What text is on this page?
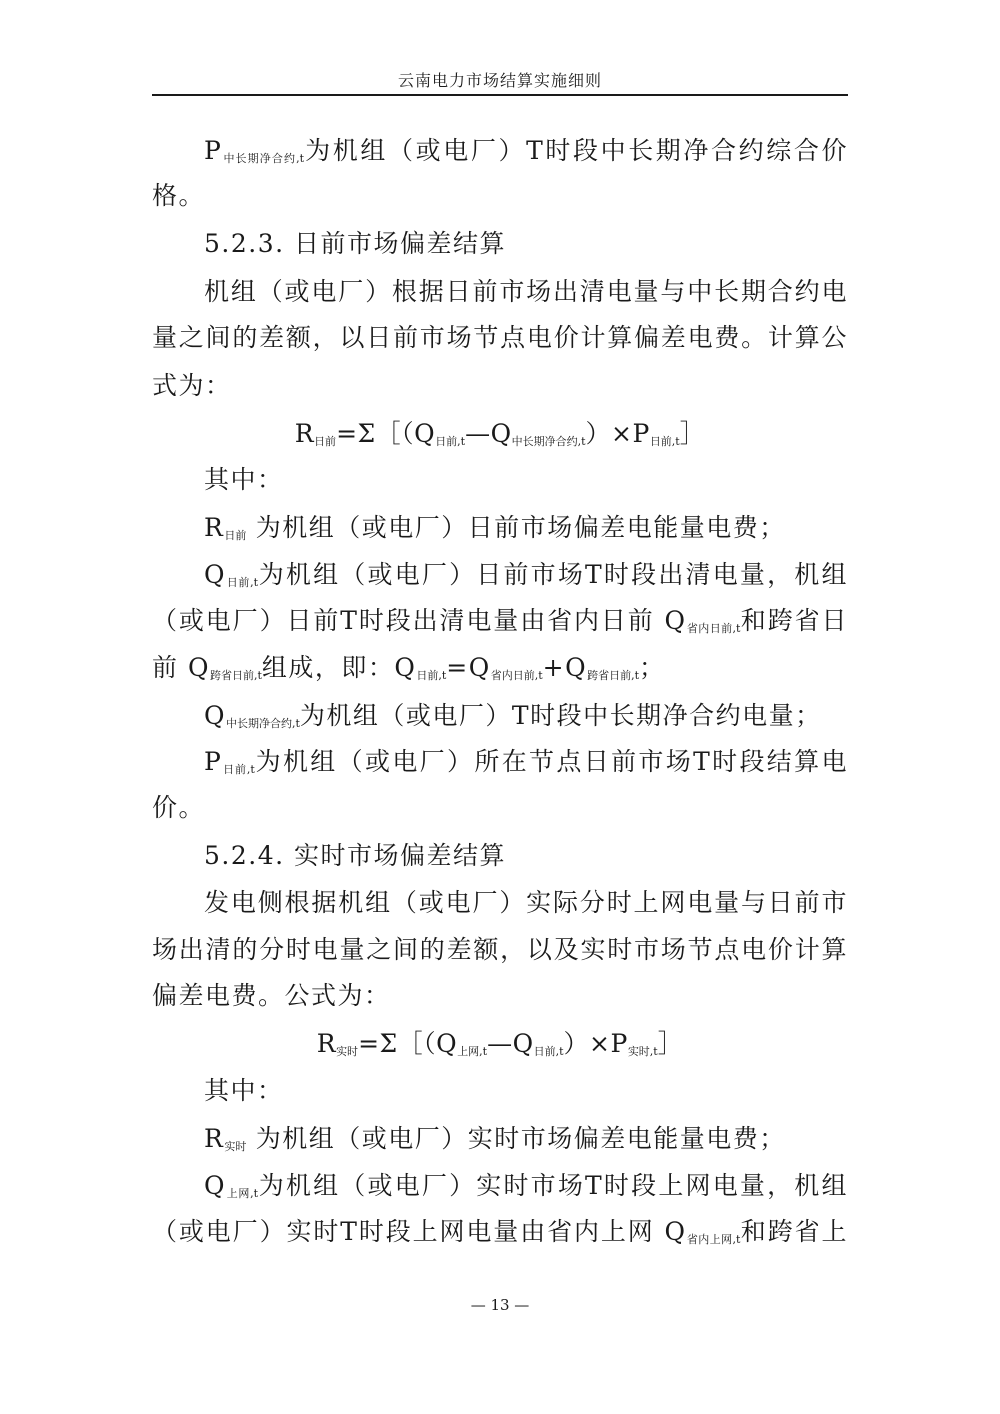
云南电力市场结算实施细则
$P_{中长期净合约,t}$为机组（或电厂）T时段中长期净合约综合价
格。
5.2.3. 日前市场偏差结算
机组（或电厂）根据日前市场出清电量与中长期合约电
量之间的差额，以日前市场节点电价计算偏差电费。计算公
式为：
$R_{日前}=\Sigma[(Q_{日前,t}—Q_{中长期净合约,t})\times P_{日前,t}]$
其中：
$R_{日前}$ 为机组（或电厂）日前市场偏差电能量电费；
$Q_{日前,t}$为机组（或电厂）日前市场T时段出清电量，机组
（或电厂）日前T时段出清电量由省内日前 $Q_{省内日前,t}$和跨省日
前 $Q_{跨省日前,t}$组成，即：$Q_{日前,t}=Q_{省内日前,t}+Q_{跨省日前,t}$；
$Q_{中长期净合约,t}$为机组（或电厂）T时段中长期净合约电量；
$P_{日前,t}$为机组（或电厂）所在节点日前市场T时段结算电
价。
5.2.4. 实时市场偏差结算
发电侧根据机组（或电厂）实际分时上网电量与日前市
场出清的分时电量之间的差额，以及实时市场节点电价计算
偏差电费。公式为：
$R_{实时}=\Sigma[(Q_{上网,t}—Q_{日前,t})\times P_{实时,t}]$
其中：
$R_{实时}$ 为机组（或电厂）实时市场偏差电能量电费；
$Q_{上网,t}$为机组（或电厂）实时市场T时段上网电量，机组
（或电厂）实时T时段上网电量由省内上网 $Q_{省内上网,t}$和跨省上
— 13 —
